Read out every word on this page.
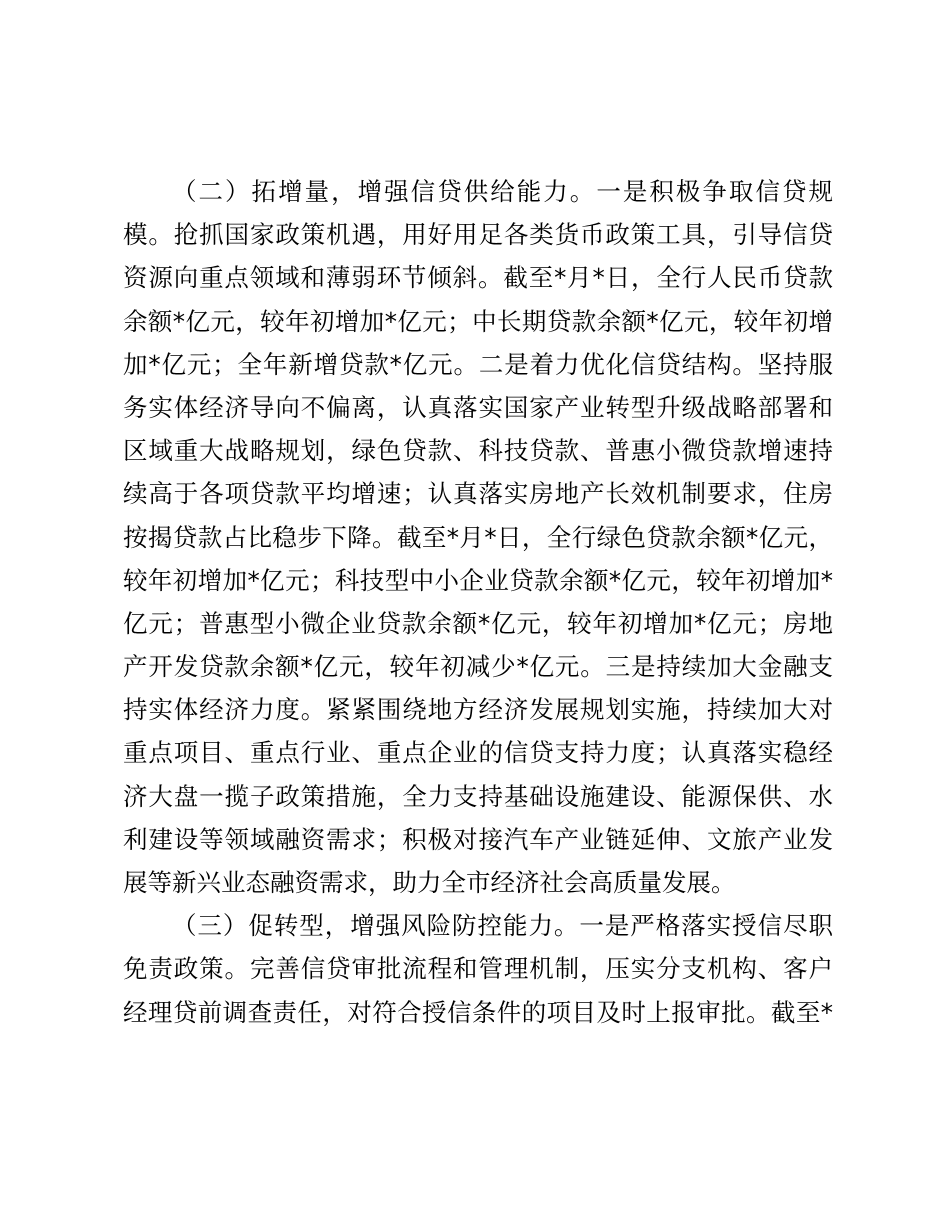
（二）拓增量，增强信贷供给能力。一是积极争取信贷规
模。抢抓国家政策机遇，用好用足各类货币政策工具，引导信贷
资源向重点领域和薄弱环节倾斜。截至*月*日，全行人民币贷款
余额*亿元，较年初增加*亿元；中长期贷款余额*亿元，较年初增
加*亿元；全年新增贷款*亿元。二是着力优化信贷结构。坚持服
务实体经济导向不偏离，认真落实国家产业转型升级战略部署和
区域重大战略规划，绿色贷款、科技贷款、普惠小微贷款增速持
续高于各项贷款平均增速；认真落实房地产长效机制要求，住房
按揭贷款占比稳步下降。截至*月*日，全行绿色贷款余额*亿元，
较年初增加*亿元；科技型中小企业贷款余额*亿元，较年初增加*
亿元；普惠型小微企业贷款余额*亿元，较年初增加*亿元；房地
产开发贷款余额*亿元，较年初减少*亿元。三是持续加大金融支
持实体经济力度。紧紧围绕地方经济发展规划实施，持续加大对
重点项目、重点行业、重点企业的信贷支持力度；认真落实稳经
济大盘一揽子政策措施，全力支持基础设施建设、能源保供、水
利建设等领域融资需求；积极对接汽车产业链延伸、文旅产业发
展等新兴业态融资需求，助力全市经济社会高质量发展。
（三）促转型，增强风险防控能力。一是严格落实授信尽职
免责政策。完善信贷审批流程和管理机制，压实分支机构、客户
经理贷前调查责任，对符合授信条件的项目及时上报审批。截至*
